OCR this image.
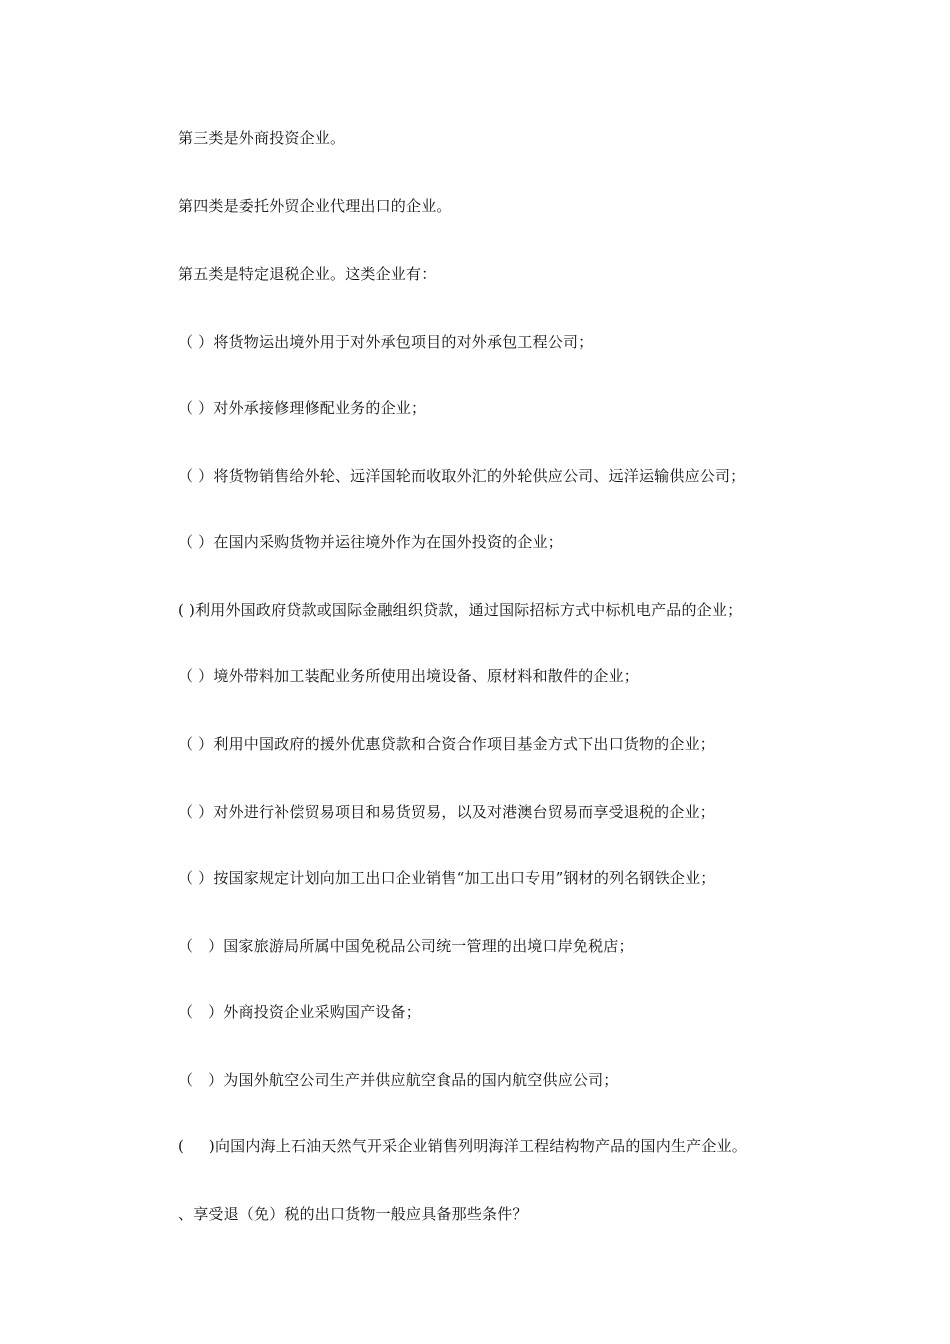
第三类是外商投资企业。
第四类是委托外贸企业代理出口的企业。
第五类是特定退税企业。这类企业有：
（ ）将货物运出境外用于对外承包项目的对外承包工程公司；
（ ）对外承接修理修配业务的企业；
（ ）将货物销售给外轮、远洋国轮而收取外汇的外轮供应公司、远洋运输供应公司；
（ ）在国内采购货物并运往境外作为在国外投资的企业；
( )利用外国政府贷款或国际金融组织贷款，通过国际招标方式中标机电产品的企业；
（ ）境外带料加工装配业务所使用出境设备、原材料和散件的企业；
（ ）利用中国政府的援外优惠贷款和合资合作项目基金方式下出口货物的企业；
（ ）对外进行补偿贸易项目和易货贸易，以及对港澳台贸易而享受退税的企业；
（ ）按国家规定计划向加工出口企业销售“加工出口专用”钢材的列名钢铁企业；
（   ）国家旅游局所属中国免税品公司统一管理的出境口岸免税店；
（   ）外商投资企业采购国产设备；
（   ）为国外航空公司生产并供应航空食品的国内航空供应公司；
(     )向国内海上石油天然气开采企业销售列明海洋工程结构物产品的国内生产企业。
、享受退（免）税的出口货物一般应具备那些条件？
